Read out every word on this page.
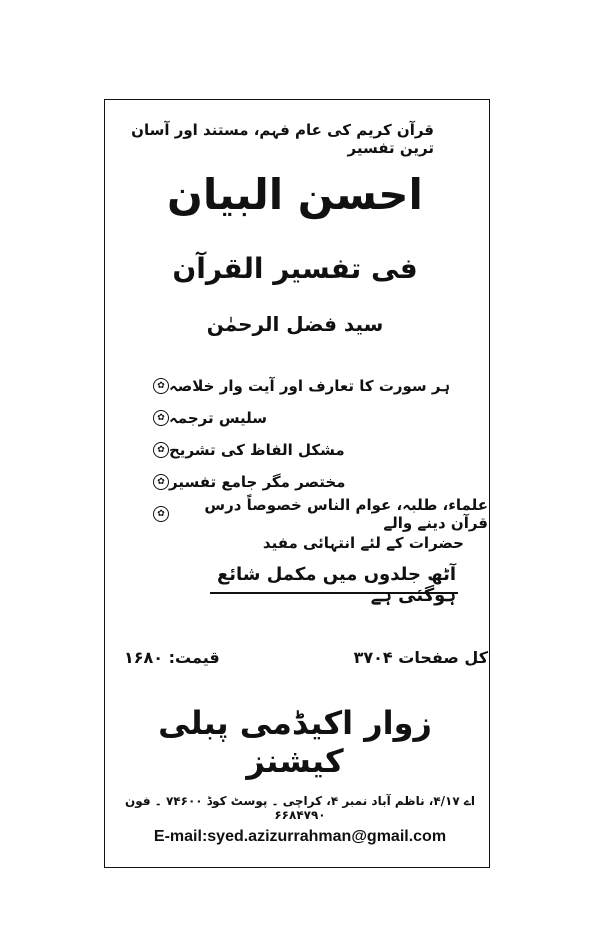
قرآن کریم کی عام فہم، مستند اور آسان ترین تفسیر
احسن البیان
فی تفسیر القرآن
سید فضل الرحمٰن
✿ ہر سورت کا تعارف اور آیت وار خلاصہ
✿ سلیس ترجمہ
✿ مشکل الفاظ کی تشریح
✿ مختصر مگر جامع تفسیر
✿	علماء، طلبہ، عوام الناس خصوصاً درس قرآن دینے والے
حضرات کے لئے انتہائی مفید
آٹھ جلدوں میں مکمل شائع ہوگئی ہے
کل صفحات ۳۷۰۴
قیمت: ۱۶۸۰
زوار اکیڈمی پبلی کیشنز
اے ۴/۱۷، ناظم آباد نمبر ۴، کراچی ۔ پوسٹ کوڈ ۷۴۶۰۰ ۔ فون ۶۶۸۴۷۹۰
E-mail:syed.azizurrahman@gmail.com
